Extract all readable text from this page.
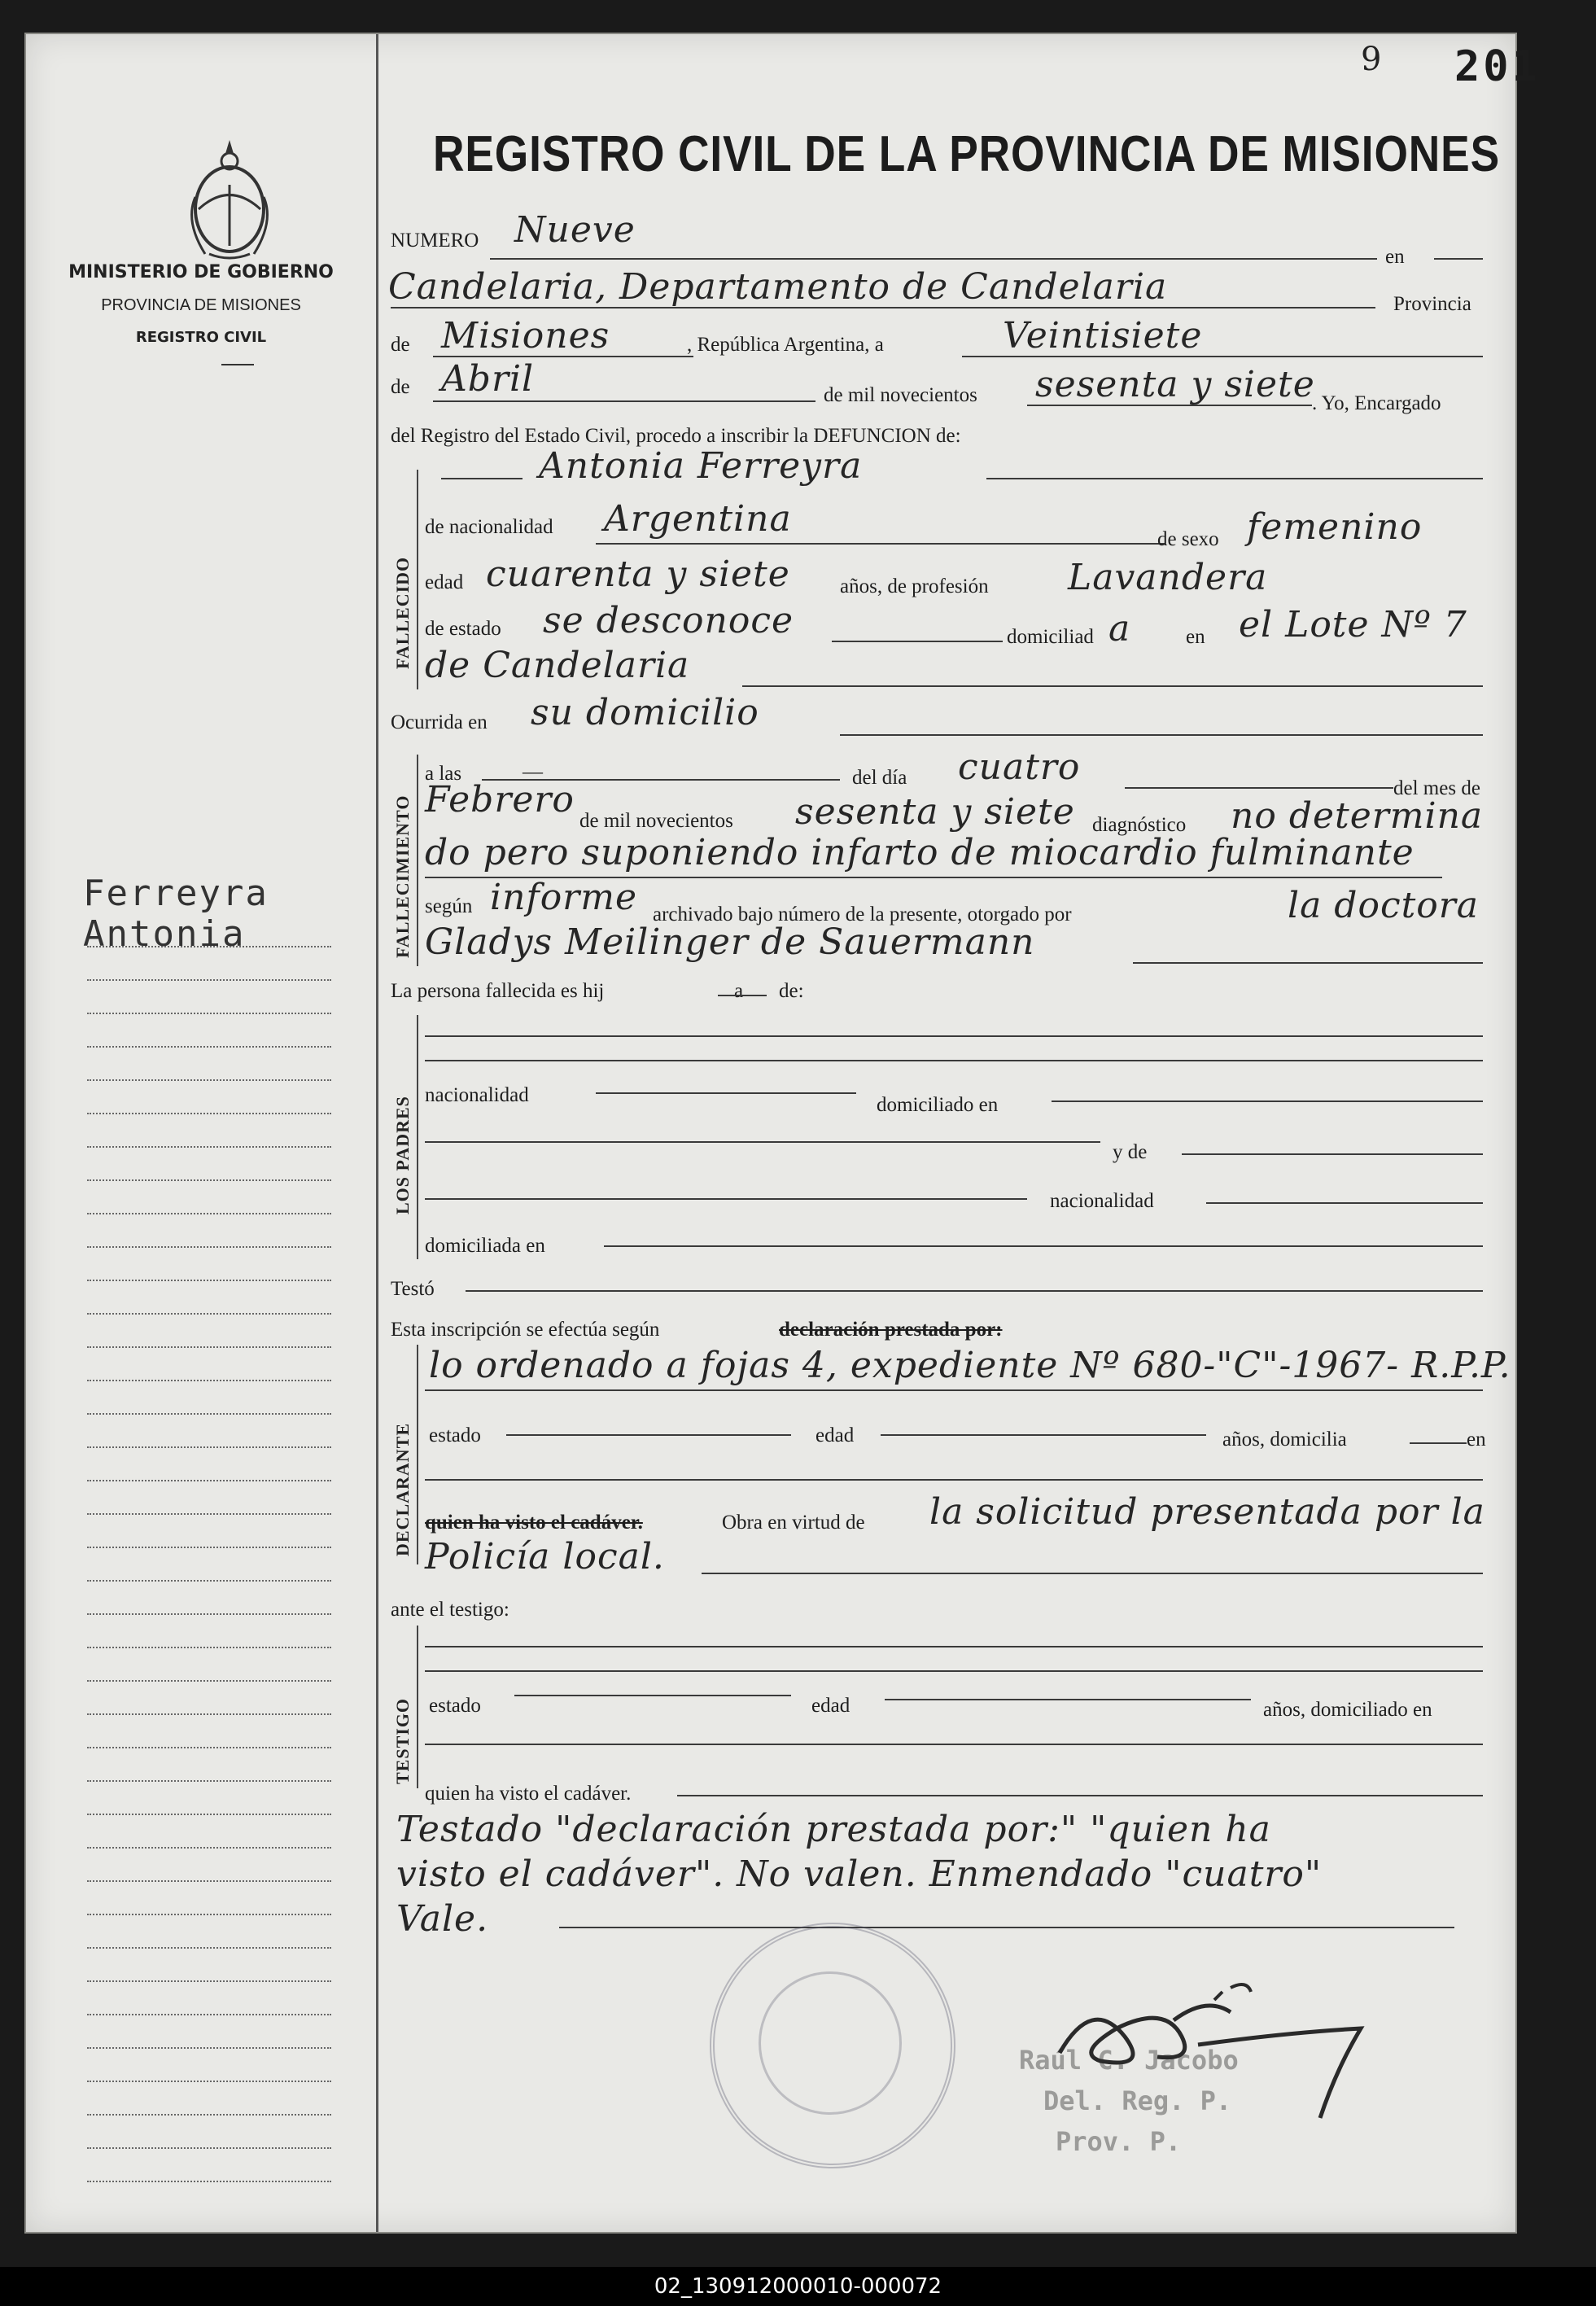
9 201
MINISTERIO DE GOBIERNO
PROVINCIA DE MISIONES
REGISTRO CIVIL
Ferreyra
Antonia
REGISTRO CIVIL DE LA PROVINCIA DE MISIONES
NUMERO Nueve
en
Candelaria, Departamento de Candelaria	Provincia
de Misiones	, República Argentina, a	Veintisiete
de Abril	de mil novecientos sesenta y siete
. Yo, Encargado
del Registro del Estado Civil, procedo a inscribir la DEFUNCION de:
FALLECIDO
Antonia Ferreyra
de nacionalidad Argentina	de sexo femenino
edad cuarenta y siete años, de profesión Lavandera
de estado se desconoce	domiciliad a	en el Lote Nº 7
de Candelaria
Ocurrida en su domicilio
FALLECIMIENTO
a las	—	del día cuatro
del mes de
Febrero
de mil novecientos sesenta y siete diagnóstico no determina
do pero suponiendo infarto de miocardio fulminante
según informe archivado bajo número de la presente, otorgado por	la doctora
Gladys Meilinger de Sauermann
La persona fallecida es hij	a de:
LOS PADRES
nacionalidad	domiciliado en
y de
nacionalidad
domiciliada en
Testó
Esta inscripción se efectúa según	declaración prestada por:
DECLARANTE
lo ordenado a fojas 4, expediente Nº 680-"C"-1967- R.P.P.
estado	edad	años, domicilia	en
quien ha visto el cadáver.	Obra en virtud de la solicitud presentada por la
Policía local.
ante el testigo:
TESTIGO estado	edad	años, domiciliado en
quien ha visto el cadáver.
Testado "declaración prestada por:" "quien ha
visto el cadáver". No valen. Enmendado "cuatro"
Vale.
Raúl C. Jacobo
Del. Reg. P.
Prov. P.
02_130912000010-000072
